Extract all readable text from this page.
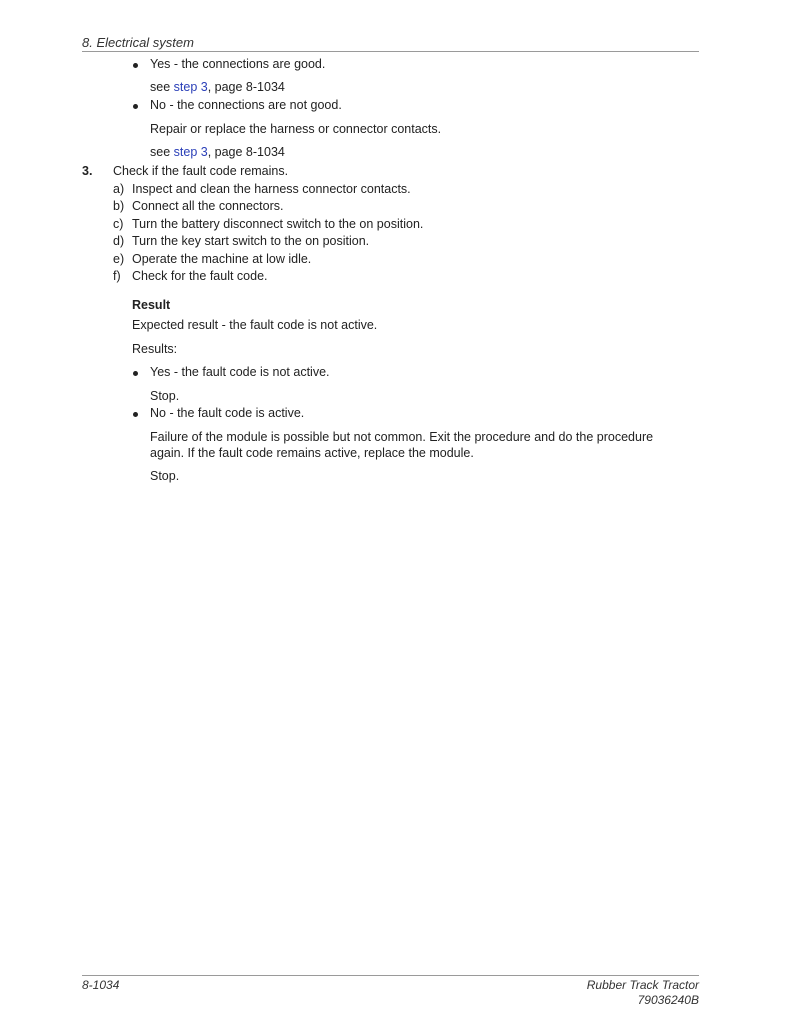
8. Electrical system
Yes - the connections are good.
see step 3, page 8-1034
No - the connections are not good.
Repair or replace the harness or connector contacts.
see step 3, page 8-1034
3. Check if the fault code remains.
a) Inspect and clean the harness connector contacts.
b) Connect all the connectors.
c) Turn the battery disconnect switch to the on position.
d) Turn the key start switch to the on position.
e) Operate the machine at low idle.
f) Check for the fault code.
Result
Expected result - the fault code is not active.
Results:
Yes - the fault code is not active.
Stop.
No - the fault code is active.
Failure of the module is possible but not common. Exit the procedure and do the procedure
again. If the fault code remains active, replace the module.
Stop.
8-1034	Rubber Track Tractor
79036240B
